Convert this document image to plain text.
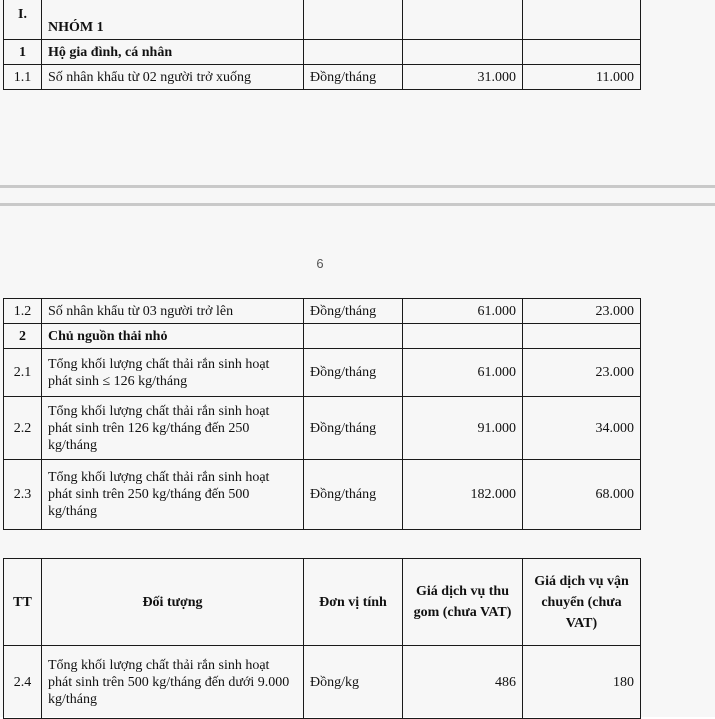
6
I.	NHÓM 1			
1	Hộ gia đình, cá nhân			
1.1	Số nhân khẩu từ 02 người trở xuống	Đồng/tháng	31.000	11.000
1.2	Số nhân khẩu từ 03 người trở lên	Đồng/tháng	61.000	23.000
2	Chủ nguồn thải nhỏ			
2.1	Tổng khối lượng chất thải rắn sinh hoạt phát sinh ≤ 126 kg/tháng	Đồng/tháng	61.000	23.000
2.2	Tổng khối lượng chất thải rắn sinh hoạt phát sinh trên 126 kg/tháng đến 250 kg/tháng	Đồng/tháng	91.000	34.000
2.3	Tổng khối lượng chất thải rắn sinh hoạt phát sinh trên 250 kg/tháng đến 500 kg/tháng	Đồng/tháng	182.000	68.000
TT	Đối tượng	Đơn vị tính	Giá dịch vụ thu gom (chưa VAT)	Giá dịch vụ vận chuyển (chưa VAT)
2.4	Tổng khối lượng chất thải rắn sinh hoạt phát sinh trên 500 kg/tháng đến dưới 9.000 kg/tháng	Đồng/kg	486	180
